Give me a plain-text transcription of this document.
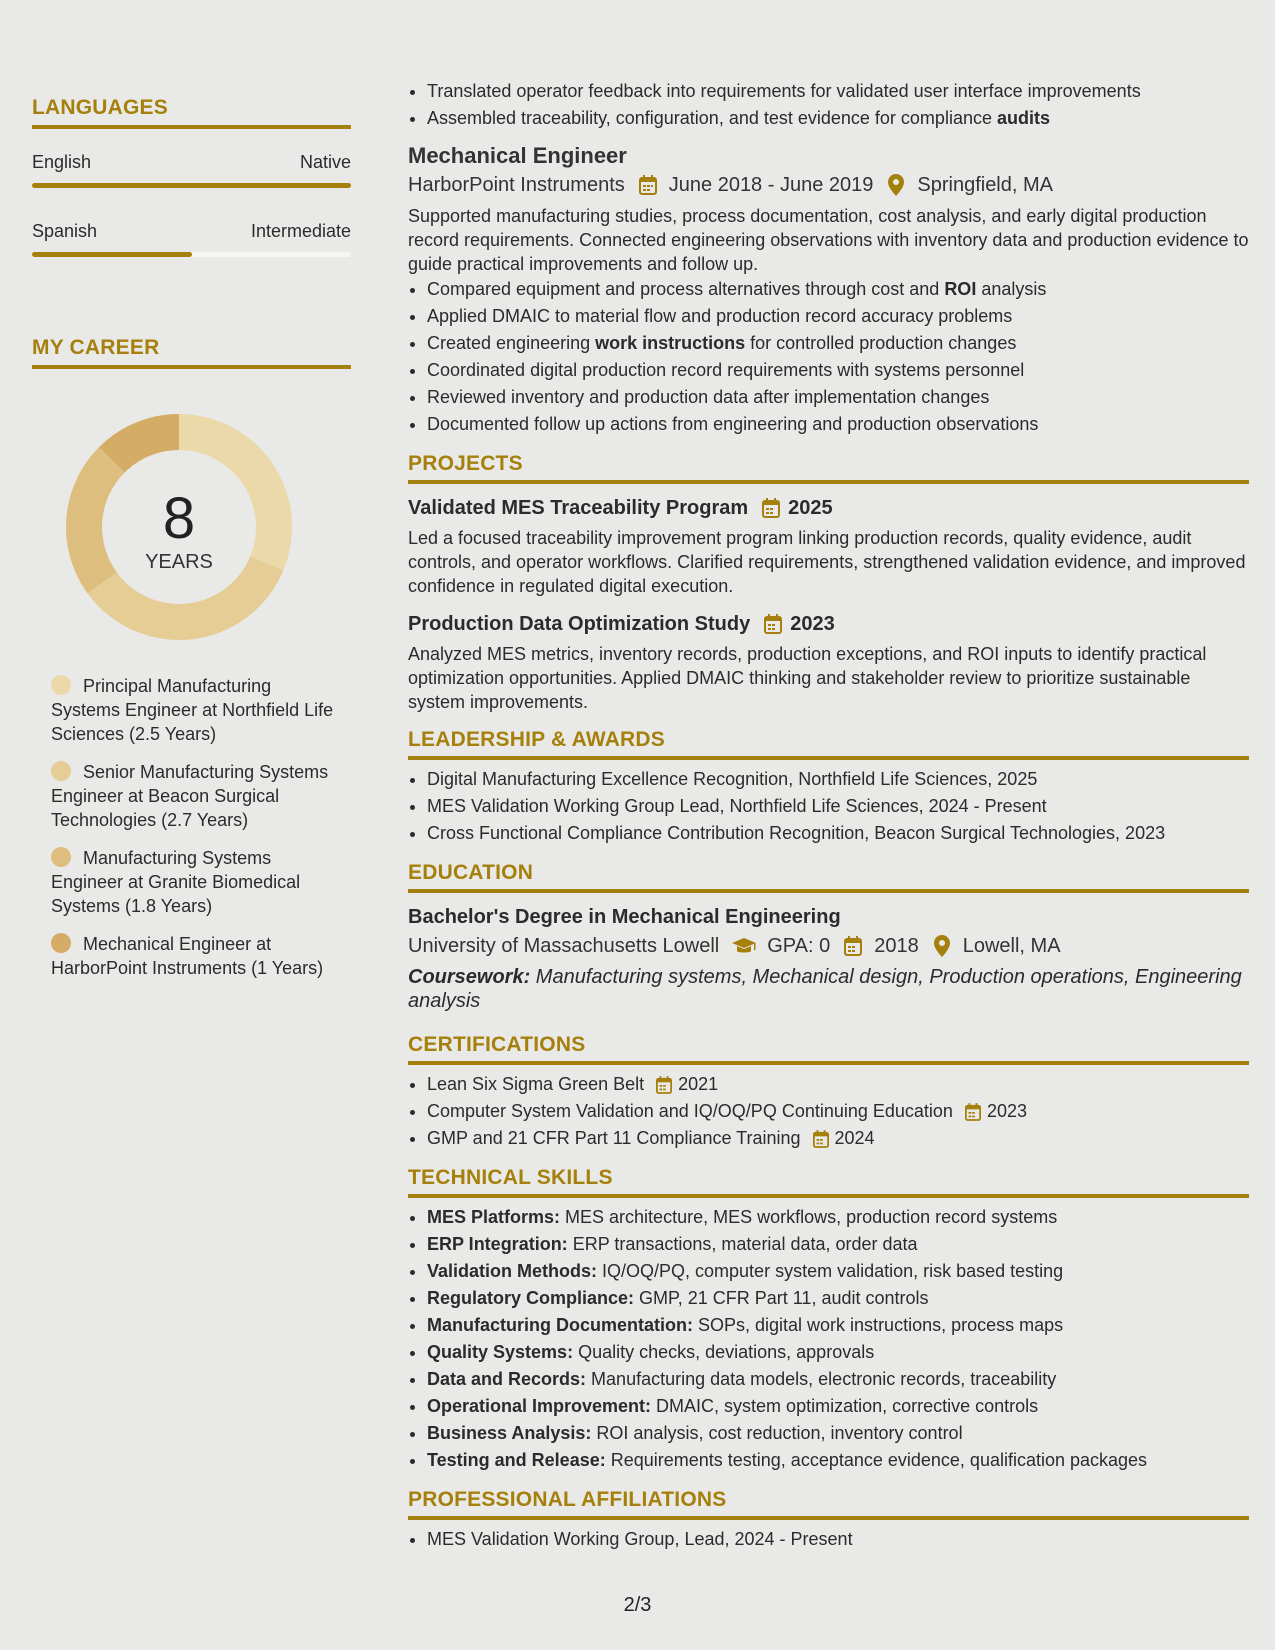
LANGUAGES
English	Native
Spanish	Intermediate
MY CAREER
8
YEARS
Principal Manufacturing Systems Engineer at Northfield Life Sciences (2.5 Years)
Senior Manufacturing Systems Engineer at Beacon Surgical Technologies (2.7 Years)
Manufacturing Systems Engineer at Granite Biomedical Systems (1.8 Years)
Mechanical Engineer at HarborPoint Instruments (1 Years)
• Translated operator feedback into requirements for validated user interface improvements
• Assembled traceability, configuration, and test evidence for compliance audits
Mechanical Engineer
HarborPoint Instruments June 2018 - June 2019 Springfield, MA
Supported manufacturing studies, process documentation, cost analysis, and early digital production record requirements. Connected engineering observations with inventory data and production evidence to guide practical improvements and follow up.
• Compared equipment and process alternatives through cost and ROI analysis
• Applied DMAIC to material flow and production record accuracy problems
• Created engineering work instructions for controlled production changes
• Coordinated digital production record requirements with systems personnel
• Reviewed inventory and production data after implementation changes
• Documented follow up actions from engineering and production observations
PROJECTS
Validated MES Traceability Program 2025
Led a focused traceability improvement program linking production records, quality evidence, audit controls, and operator workflows. Clarified requirements, strengthened validation evidence, and improved confidence in regulated digital execution.
Production Data Optimization Study 2023
Analyzed MES metrics, inventory records, production exceptions, and ROI inputs to identify practical optimization opportunities. Applied DMAIC thinking and stakeholder review to prioritize sustainable system improvements.
LEADERSHIP & AWARDS
• Digital Manufacturing Excellence Recognition, Northfield Life Sciences, 2025
• MES Validation Working Group Lead, Northfield Life Sciences, 2024 - Present
• Cross Functional Compliance Contribution Recognition, Beacon Surgical Technologies, 2023
EDUCATION
Bachelor's Degree in Mechanical Engineering
University of Massachusetts Lowell GPA: 0 2018 Lowell, MA
Coursework: Manufacturing systems, Mechanical design, Production operations, Engineering analysis
CERTIFICATIONS
• Lean Six Sigma Green Belt 2021
• Computer System Validation and IQ/OQ/PQ Continuing Education 2023
• GMP and 21 CFR Part 11 Compliance Training 2024
TECHNICAL SKILLS
• MES Platforms: MES architecture, MES workflows, production record systems
• ERP Integration: ERP transactions, material data, order data
• Validation Methods: IQ/OQ/PQ, computer system validation, risk based testing
• Regulatory Compliance: GMP, 21 CFR Part 11, audit controls
• Manufacturing Documentation: SOPs, digital work instructions, process maps
• Quality Systems: Quality checks, deviations, approvals
• Data and Records: Manufacturing data models, electronic records, traceability
• Operational Improvement: DMAIC, system optimization, corrective controls
• Business Analysis: ROI analysis, cost reduction, inventory control
• Testing and Release: Requirements testing, acceptance evidence, qualification packages
PROFESSIONAL AFFILIATIONS
• MES Validation Working Group, Lead, 2024 - Present
2/3
